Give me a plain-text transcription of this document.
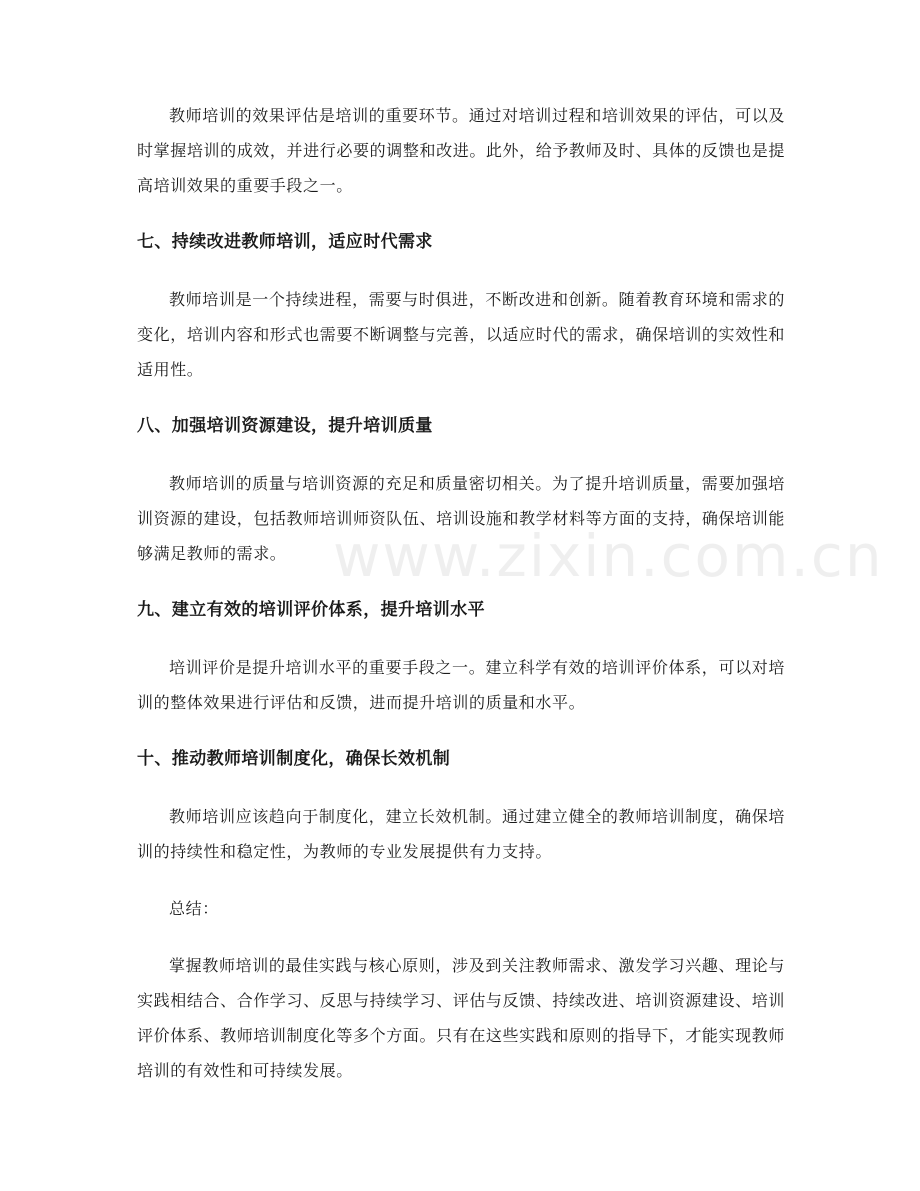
教师培训的效果评估是培训的重要环节。通过对培训过程和培训效果的评估，可以及时掌握培训的成效，并进行必要的调整和改进。此外，给予教师及时、具体的反馈也是提高培训效果的重要手段之一。

七、持续改进教师培训，适应时代需求

教师培训是一个持续进程，需要与时俱进，不断改进和创新。随着教育环境和需求的变化，培训内容和形式也需要不断调整与完善，以适应时代的需求，确保培训的实效性和适用性。

八、加强培训资源建设，提升培训质量

教师培训的质量与培训资源的充足和质量密切相关。为了提升培训质量，需要加强培训资源的建设，包括教师培训师资队伍、培训设施和教学材料等方面的支持，确保培训能够满足教师的需求。

九、建立有效的培训评价体系，提升培训水平

培训评价是提升培训水平的重要手段之一。建立科学有效的培训评价体系，可以对培训的整体效果进行评估和反馈，进而提升培训的质量和水平。

十、推动教师培训制度化，确保长效机制

教师培训应该趋向于制度化，建立长效机制。通过建立健全的教师培训制度，确保培训的持续性和稳定性，为教师的专业发展提供有力支持。

总结：

掌握教师培训的最佳实践与核心原则，涉及到关注教师需求、激发学习兴趣、理论与实践相结合、合作学习、反思与持续学习、评估与反馈、持续改进、培训资源建设、培训评价体系、教师培训制度化等多个方面。只有在这些实践和原则的指导下，才能实现教师培训的有效性和可持续发展。

www.zixin.com.cn
